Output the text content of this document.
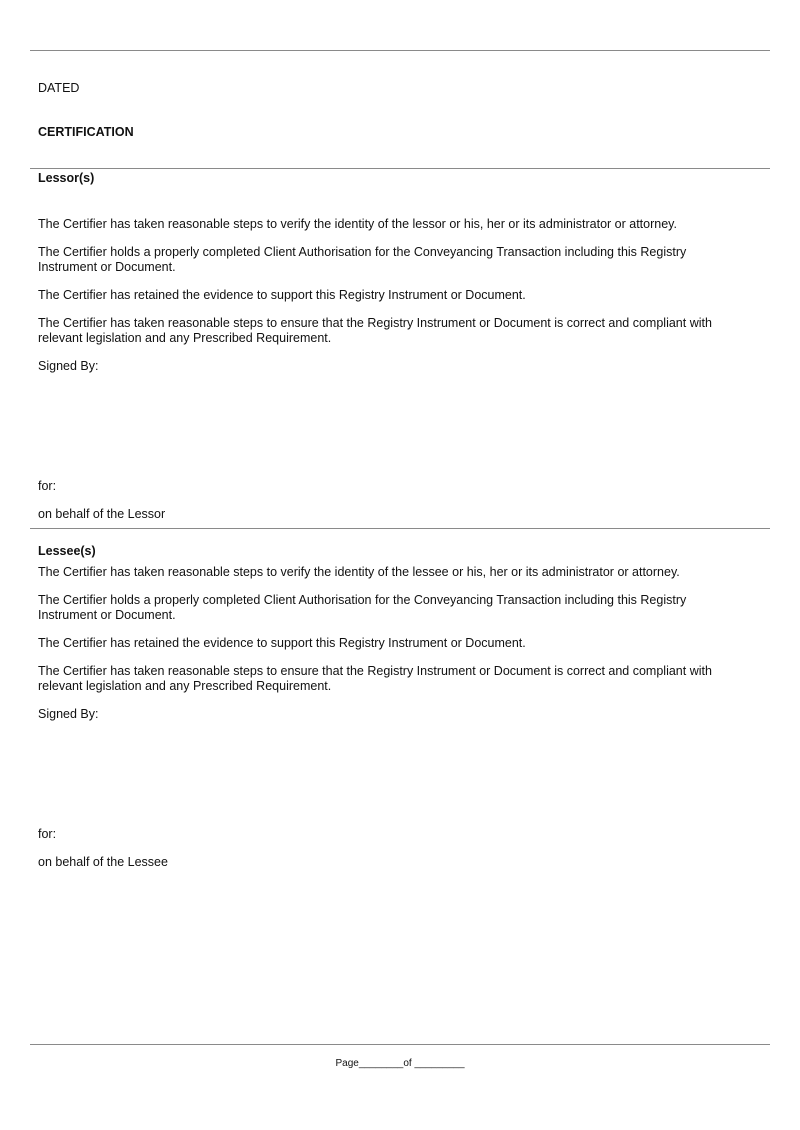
DATED
CERTIFICATION
Lessor(s)
The Certifier has taken reasonable steps to verify the identity of the lessor or his, her or its administrator or attorney.
The Certifier holds a properly completed Client Authorisation for the Conveyancing Transaction including this Registry Instrument or Document.
The Certifier has retained the evidence to support this Registry Instrument or Document.
The Certifier has taken reasonable steps to ensure that the Registry Instrument or Document is correct and compliant with relevant legislation and any Prescribed Requirement.
Signed By:
for:
on behalf of the Lessor
Lessee(s)
The Certifier has taken reasonable steps to verify the identity of the lessee or his, her or its administrator or attorney.
The Certifier holds a properly completed Client Authorisation for the Conveyancing Transaction including this Registry Instrument or Document.
The Certifier has retained the evidence to support this Registry Instrument or Document.
The Certifier has taken reasonable steps to ensure that the Registry Instrument or Document is correct and compliant with relevant legislation and any Prescribed Requirement.
Signed By:
for:
on behalf of the Lessee
Page________of _________
